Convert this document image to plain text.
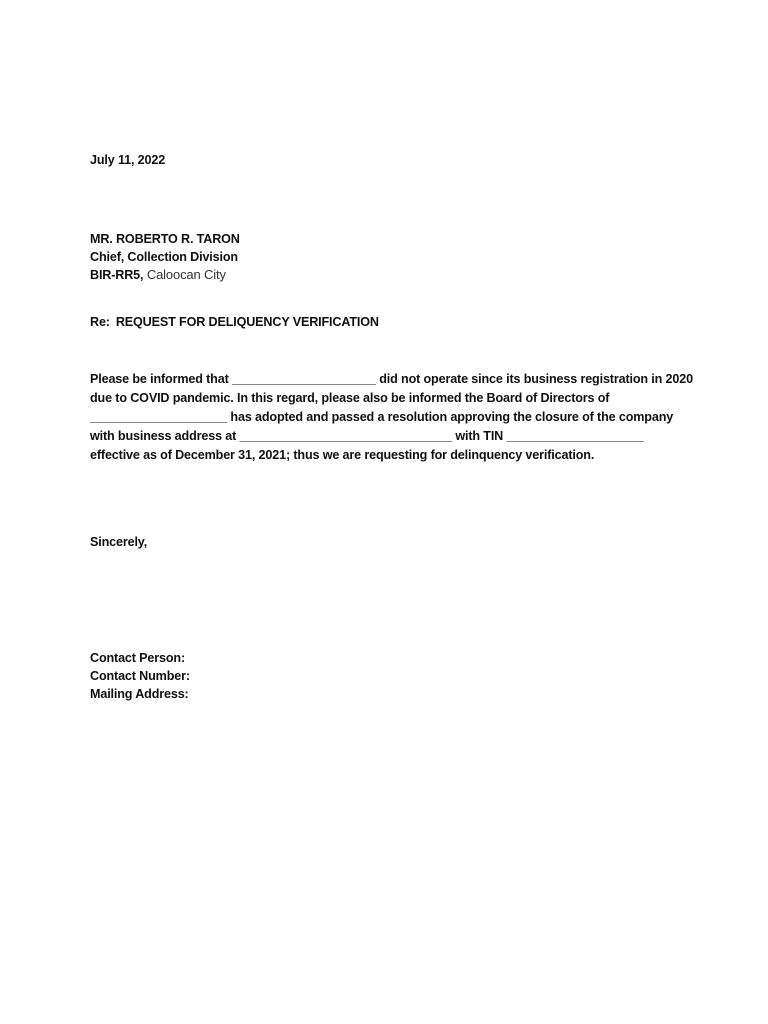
July 11, 2022
MR. ROBERTO R. TARON
Chief, Collection Division
BIR-RR5, Caloocan City
Re: REQUEST FOR DELIQUENCY VERIFICATION
Please be informed that _____________________ did not operate since its business registration in 2020
due to COVID pandemic. In this regard, please also be informed the Board of Directors of
____________________ has adopted and passed a resolution approving the closure of the company
with business address at _______________________________ with TIN ____________________
effective as of December 31, 2021; thus we are requesting for delinquency verification.
Sincerely,
Contact Person:
Contact Number:
Mailing Address:
